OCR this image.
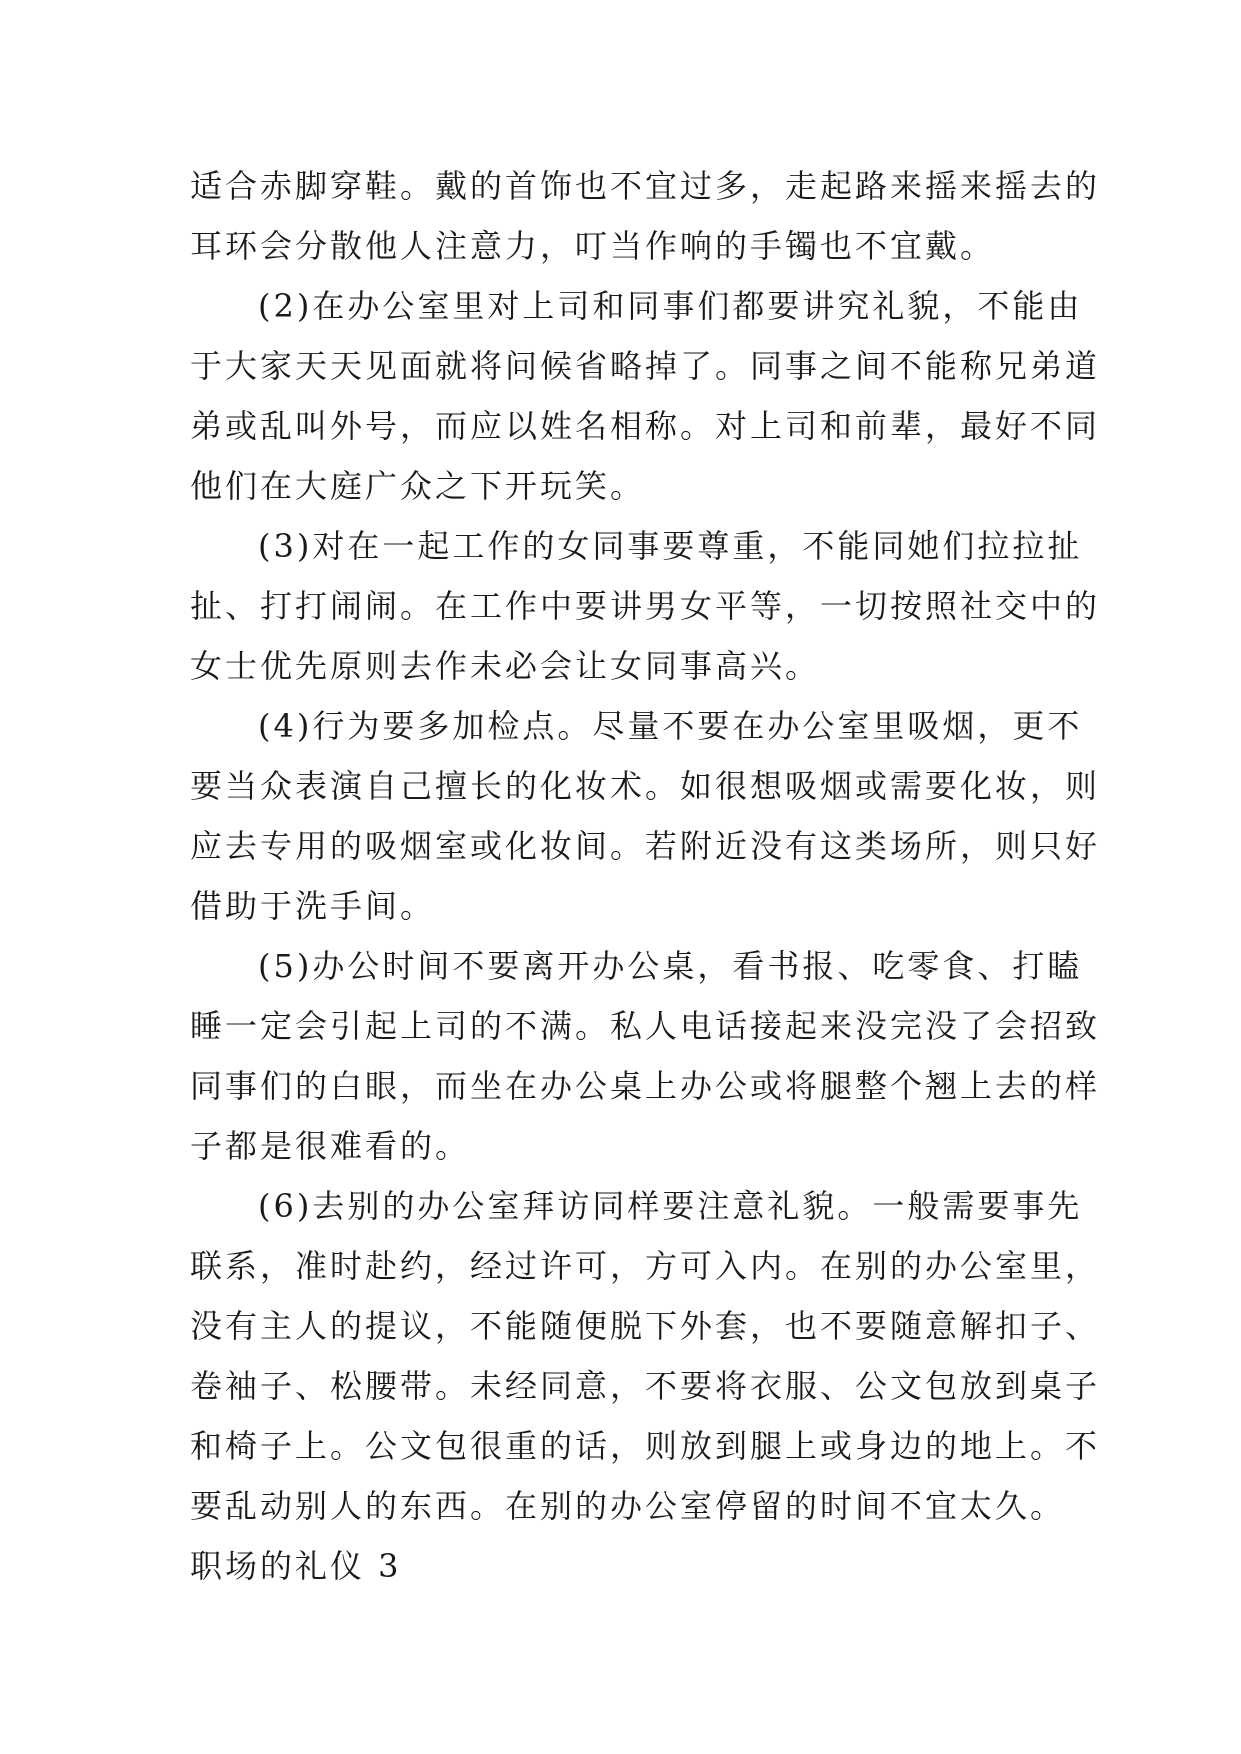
适合赤脚穿鞋。戴的首饰也不宜过多，走起路来摇来摇去的
耳环会分散他人注意力，叮当作响的手镯也不宜戴。

(2)在办公室里对上司和同事们都要讲究礼貌，不能由
于大家天天见面就将问候省略掉了。同事之间不能称兄弟道
弟或乱叫外号，而应以姓名相称。对上司和前辈，最好不同
他们在大庭广众之下开玩笑。

(3)对在一起工作的女同事要尊重，不能同她们拉拉扯
扯、打打闹闹。在工作中要讲男女平等，一切按照社交中的
女士优先原则去作未必会让女同事高兴。

(4)行为要多加检点。尽量不要在办公室里吸烟，更不
要当众表演自己擅长的化妆术。如很想吸烟或需要化妆，则
应去专用的吸烟室或化妆间。若附近没有这类场所，则只好
借助于洗手间。

(5)办公时间不要离开办公桌，看书报、吃零食、打瞌
睡一定会引起上司的不满。私人电话接起来没完没了会招致
同事们的白眼，而坐在办公桌上办公或将腿整个翘上去的样
子都是很难看的。

(6)去别的办公室拜访同样要注意礼貌。一般需要事先
联系，准时赴约，经过许可，方可入内。在别的办公室里，
没有主人的提议，不能随便脱下外套，也不要随意解扣子、
卷袖子、松腰带。未经同意，不要将衣服、公文包放到桌子
和椅子上。公文包很重的话，则放到腿上或身边的地上。不
要乱动别人的东西。在别的办公室停留的时间不宜太久。

职场的礼仪 3
